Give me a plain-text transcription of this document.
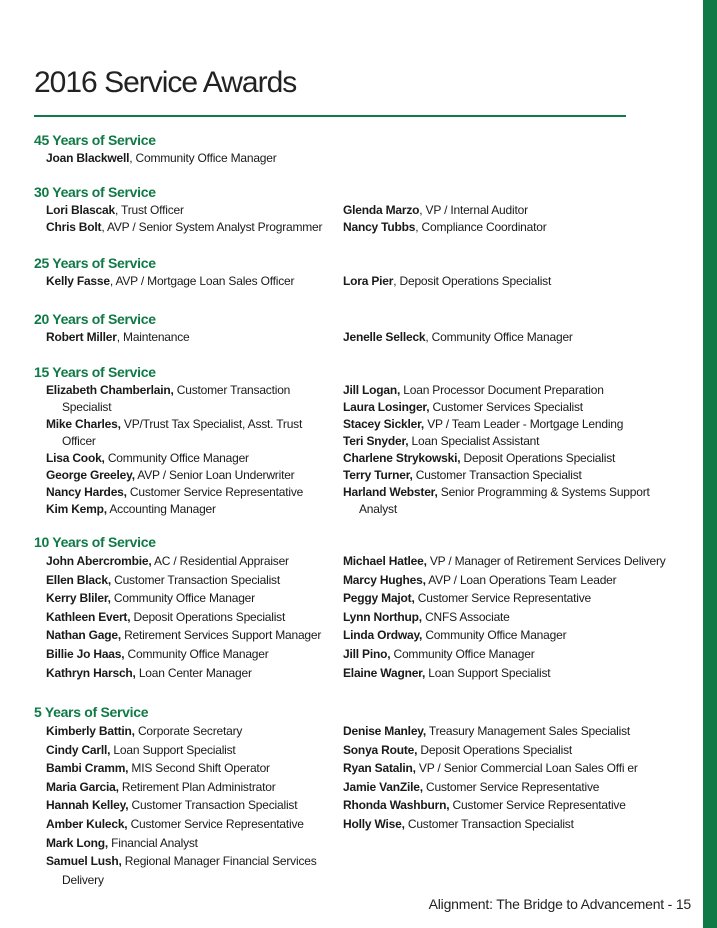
2016 Service Awards
45 Years of Service
Joan Blackwell, Community Office Manager
30 Years of Service
Lori Blascak, Trust Officer
Chris Bolt, AVP / Senior System Analyst Programmer
Glenda Marzo, VP / Internal Auditor
Nancy Tubbs, Compliance Coordinator
25 Years of Service
Kelly Fasse, AVP / Mortgage Loan Sales Officer	Lora Pier, Deposit Operations Specialist
20 Years of Service
Robert Miller, Maintenance	Jenelle Selleck, Community Office Manager
15 Years of Service
Elizabeth Chamberlain, Customer Transaction Specialist
Mike Charles, VP/Trust Tax Specialist, Asst. Trust Officer
Lisa Cook, Community Office Manager
George Greeley, AVP / Senior Loan Underwriter
Nancy Hardes, Customer Service Representative
Kim Kemp, Accounting Manager
Jill Logan, Loan Processor Document Preparation
Laura Losinger, Customer Services Specialist
Stacey Sickler, VP / Team Leader - Mortgage Lending
Teri Snyder, Loan Specialist Assistant
Charlene Strykowski, Deposit Operations Specialist
Terry Turner, Customer Transaction Specialist
Harland Webster, Senior Programming & Systems Support Analyst
10 Years of Service
John Abercrombie, AC / Residential Appraiser
Ellen Black, Customer Transaction Specialist
Kerry Bliler, Community Office Manager
Kathleen Evert, Deposit Operations Specialist
Nathan Gage, Retirement Services Support Manager
Billie Jo Haas, Community Office Manager
Kathryn Harsch, Loan Center Manager
Michael Hatlee, VP / Manager of Retirement Services Delivery
Marcy Hughes, AVP / Loan Operations Team Leader
Peggy Majot, Customer Service Representative
Lynn Northup, CNFS Associate
Linda Ordway, Community Office Manager
Jill Pino, Community Office Manager
Elaine Wagner, Loan Support Specialist
5 Years of Service
Kimberly Battin, Corporate Secretary
Cindy Carll, Loan Support Specialist
Bambi Cramm, MIS Second Shift Operator
Maria Garcia, Retirement Plan Administrator
Hannah Kelley, Customer Transaction Specialist
Amber Kuleck, Customer Service Representative
Mark Long, Financial Analyst
Samuel Lush, Regional Manager Financial Services Delivery
Denise Manley, Treasury Management Sales Specialist
Sonya Route, Deposit Operations Specialist
Ryan Satalin, VP / Senior Commercial Loan Sales Offi er
Jamie VanZile, Customer Service Representative
Rhonda Washburn, Customer Service Representative
Holly Wise, Customer Transaction Specialist
Alignment: The Bridge to Advancement - 15
